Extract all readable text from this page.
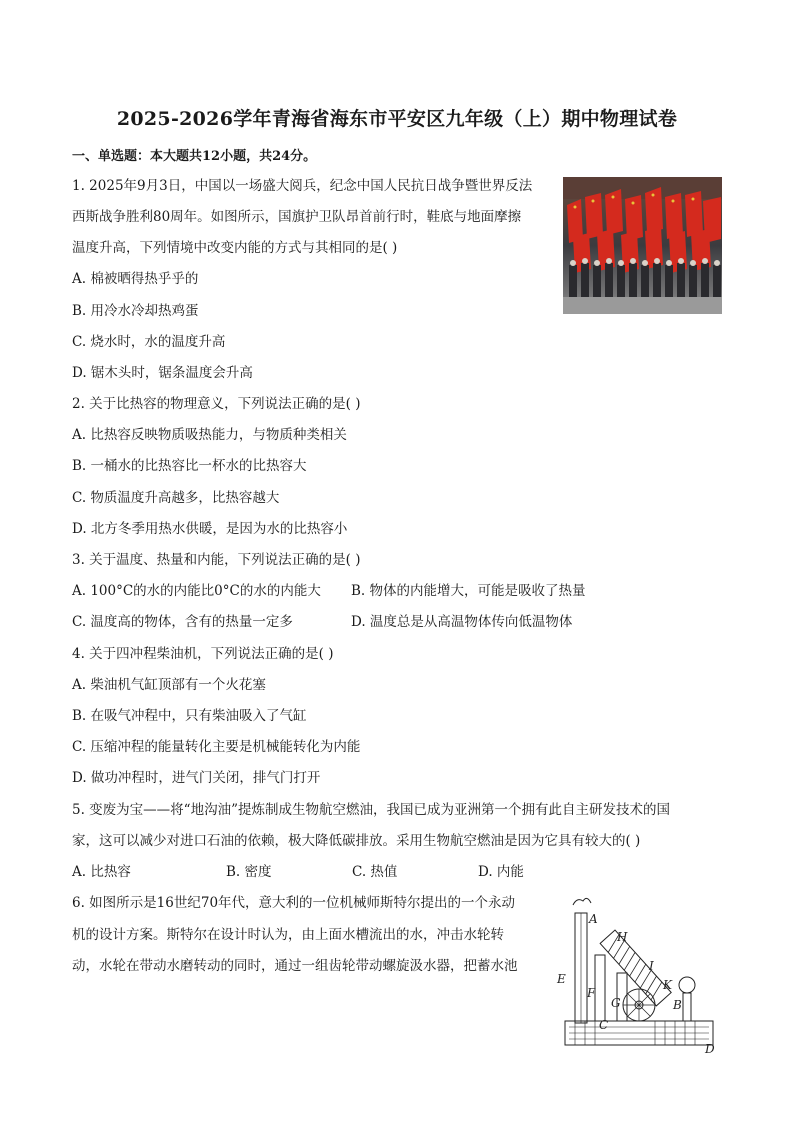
2025-2026学年青海省海东市平安区九年级（上）期中物理试卷
一、单选题：本大题共12小题，共24分。
1. 2025年9月3日，中国以一场盛大阅兵，纪念中国人民抗日战争暨世界反法
西斯战争胜利80周年。如图所示，国旗护卫队昂首前行时，鞋底与地面摩擦
温度升高，下列情境中改变内能的方式与其相同的是( )
A. 棉被晒得热乎乎的
B. 用冷水冷却热鸡蛋
C. 烧水时，水的温度升高
D. 锯木头时，锯条温度会升高
2. 关于比热容的物理意义，下列说法正确的是( )
A. 比热容反映物质吸热能力，与物质种类相关
B. 一桶水的比热容比一杯水的比热容大
C. 物质温度升高越多，比热容越大
D. 北方冬季用热水供暖，是因为水的比热容小
3. 关于温度、热量和内能，下列说法正确的是( )
A. 100°C的水的内能比0°C的水的内能大 B. 物体的内能增大，可能是吸收了热量
C. 温度高的物体，含有的热量一定多	D. 温度总是从高温物体传向低温物体
4. 关于四冲程柴油机，下列说法正确的是( )
A. 柴油机气缸顶部有一个火花塞
B. 在吸气冲程中，只有柴油吸入了气缸
C. 压缩冲程的能量转化主要是机械能转化为内能
D. 做功冲程时，进气门关闭，排气门打开
5. 变废为宝——将“地沟油”提炼制成生物航空燃油，我国已成为亚洲第一个拥有此自主研发技术的国
家，这可以减少对进口石油的依赖，极大降低碳排放。采用生物航空燃油是因为它具有较大的( )
A. 比热容	B. 密度	C. 热值	D. 内能
6. 如图所示是16世纪70年代，意大利的一位机械师斯特尔提出的一个永动
机的设计方案。斯特尔在设计时认为，由上面水槽流出的水，冲击水轮转
动，水轮在带动水磨转动的同时，通过一组齿轮带动螺旋汲水器，把蓄水池
A
H
I
E
F
G
K
B
C
D
